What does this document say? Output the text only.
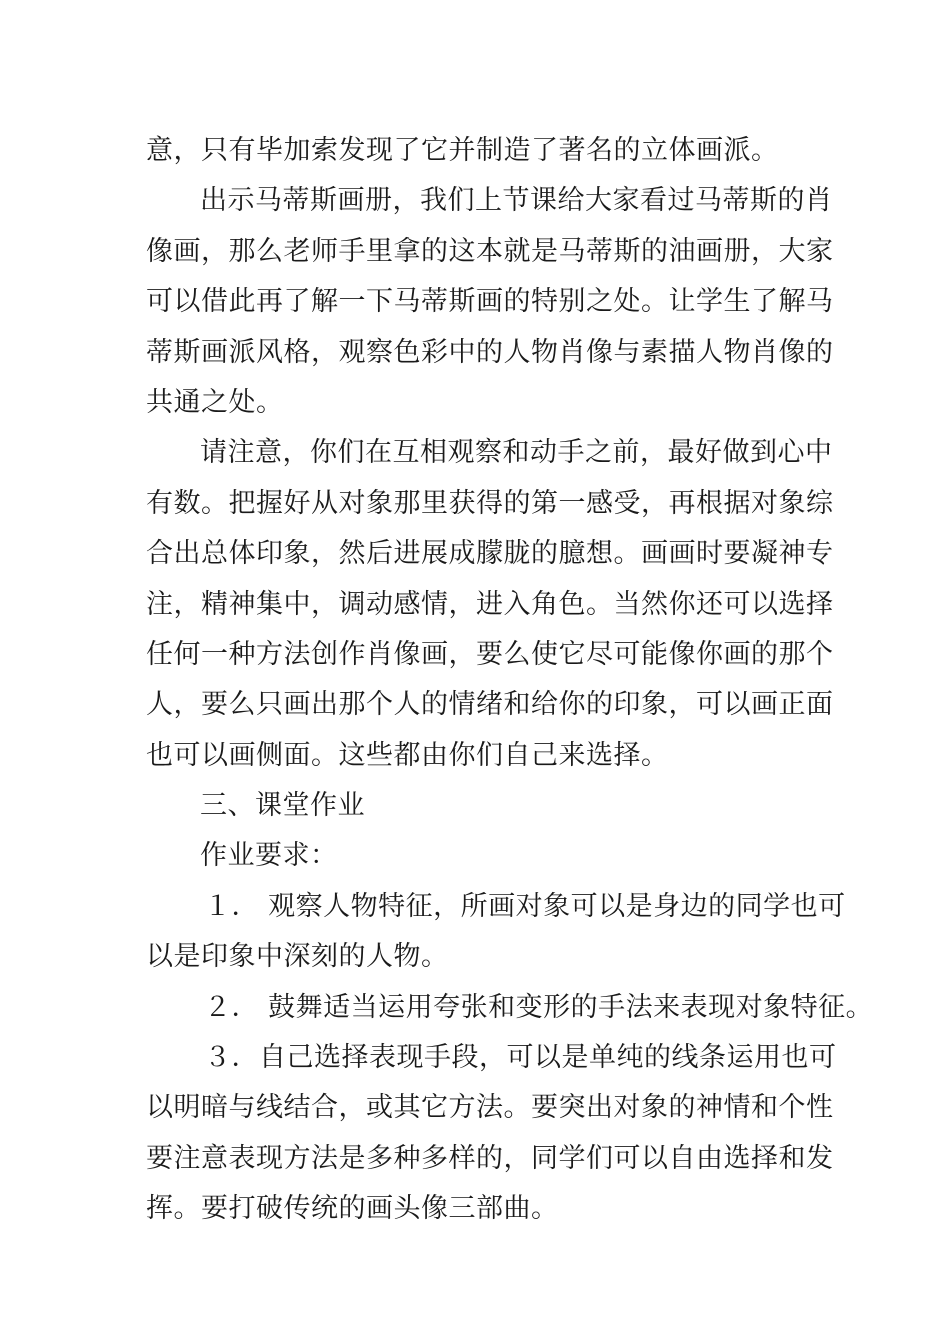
意，只有毕加索发现了它并制造了著名的立体画派。
出示马蒂斯画册，我们上节课给大家看过马蒂斯的肖
像画，那么老师手里拿的这本就是马蒂斯的油画册，大家
可以借此再了解一下马蒂斯画的特别之处。让学生了解马
蒂斯画派风格，观察色彩中的人物肖像与素描人物肖像的
共通之处。
请注意，你们在互相观察和动手之前，最好做到心中
有数。把握好从对象那里获得的第一感受，再根据对象综
合出总体印象，然后进展成朦胧的臆想。画画时要凝神专
注，精神集中，调动感情，进入角色。当然你还可以选择
任何一种方法创作肖像画，要么使它尽可能像你画的那个
人，要么只画出那个人的情绪和给你的印象，可以画正面
也可以画侧面。这些都由你们自己来选择。
三、课堂作业
作业要求：
１． 观察人物特征，所画对象可以是身边的同学也可
以是印象中深刻的人物。
２． 鼓舞适当运用夸张和变形的手法来表现对象特征。
３．自己选择表现手段，可以是单纯的线条运用也可
以明暗与线结合，或其它方法。要突出对象的神情和个性
要注意表现方法是多种多样的，同学们可以自由选择和发
挥。要打破传统的画头像三部曲。
